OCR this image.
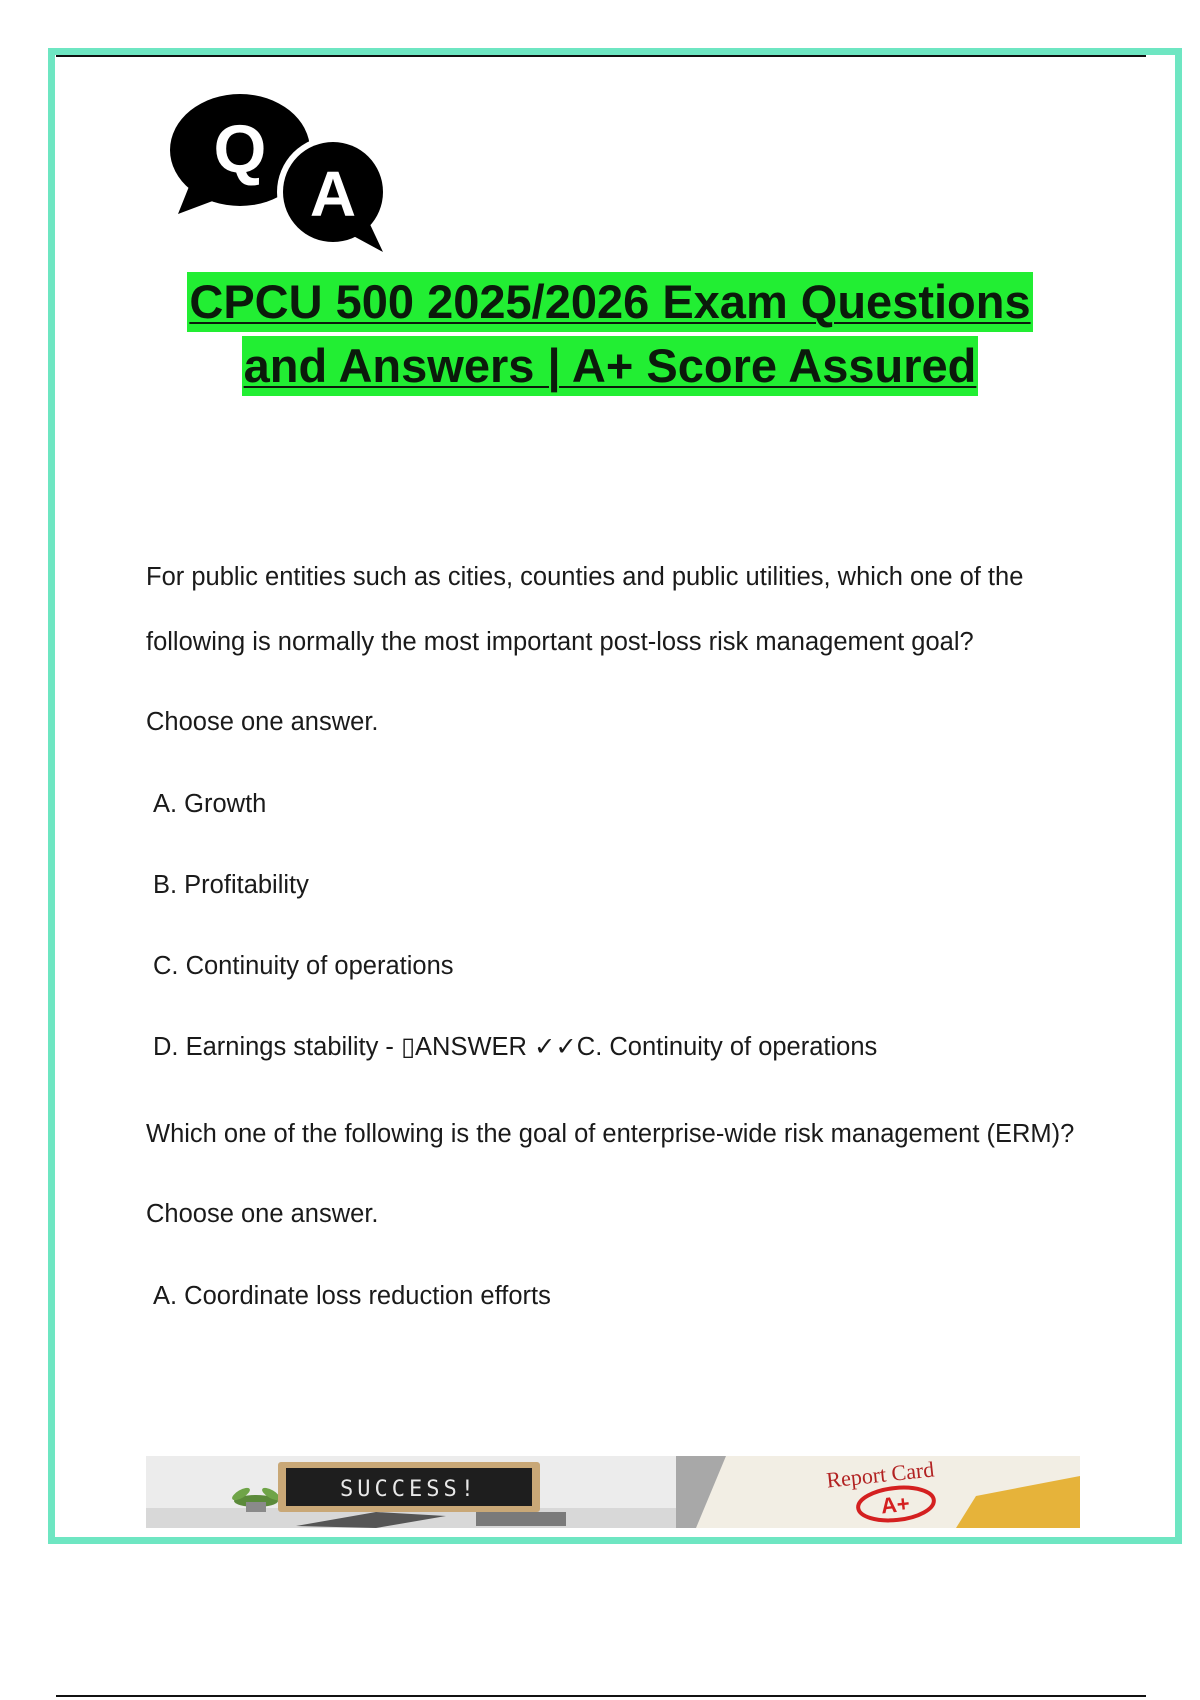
Q
A
CPCU 500 2025/2026 Exam Questions
and Answers | A+ Score Assured

For public entities such as cities, counties and public utilities, which one of the following is normally the most important post-loss risk management goal?

Choose one answer.

A. Growth

B. Profitability

C. Continuity of operations

D. Earnings stability - ▯ANSWER ✓✓C. Continuity of operations

Which one of the following is the goal of enterprise-wide risk management (ERM)?

Choose one answer.

A. Coordinate loss reduction efforts

SUCCESS!	Report Card
A+
